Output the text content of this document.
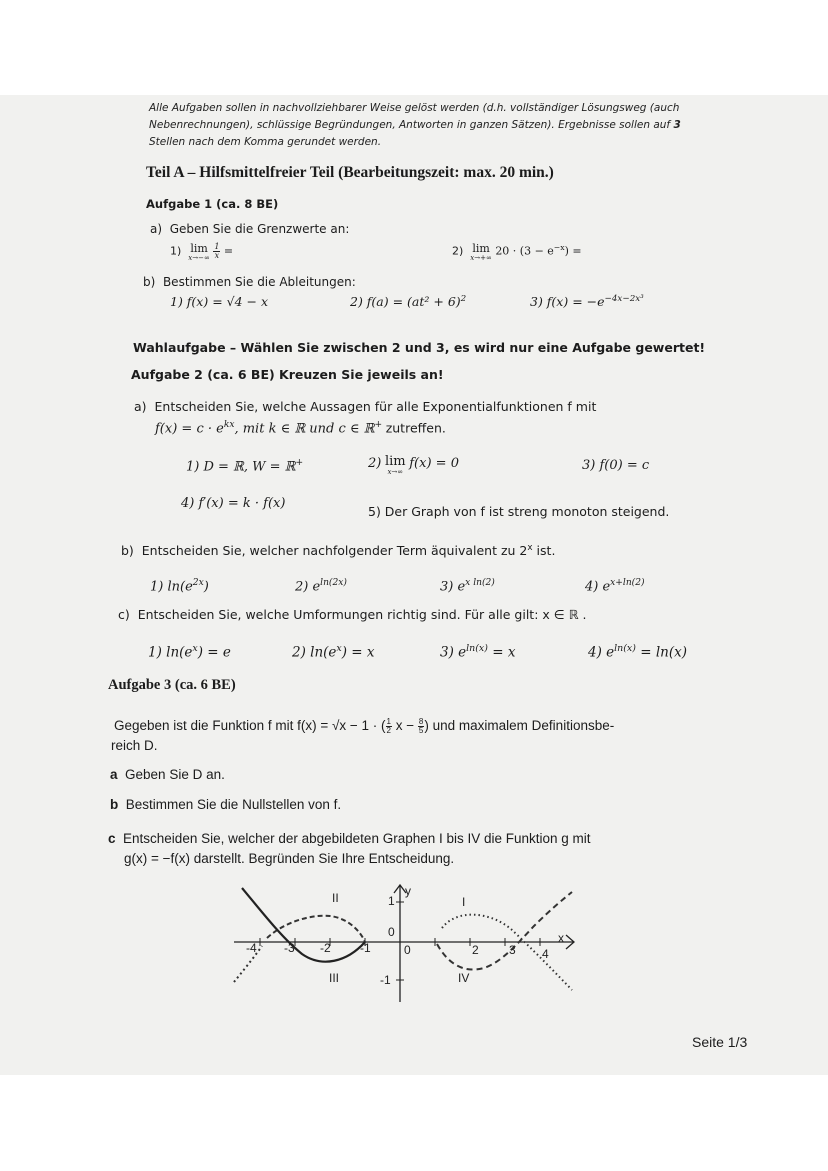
Alle Aufgaben sollen in nachvollziehbarer Weise gelöst werden (d.h. vollständiger Lösungsweg (auch
Nebenrechnungen), schlüssige Begründungen, Antworten in ganzen Sätzen). Ergebnisse sollen auf 3
Stellen nach dem Komma gerundet werden.
Teil A – Hilfsmittelfreier Teil (Bearbeitungszeit: max. 20 min.)
Aufgabe 1 (ca. 8 BE)
a) Geben Sie die Grenzwerte an:
1) lim
x→−∞
$\frac{1}{x}$ =	2) lim
x→+∞
$20 \cdot (3 - e^{-x})$ =
b) Bestimmen Sie die Ableitungen:
1) f(x) = √4 − x	2) $f(a) = (at^2 + 6)^2$	3) $f(x) = -e^{-4x-2x^3}$
Wahlaufgabe – Wählen Sie zwischen 2 und 3, es wird nur eine Aufgabe gewertet!
Aufgabe 2 (ca. 6 BE) Kreuzen Sie jeweils an!
a) Entscheiden Sie, welche Aussagen für alle Exponentialfunktionen f mit
$f(x) = c \cdot e^{kx}$, mit k ∈ ℝ und c ∈ ℝ+ zutreffen.
1) D = ℝ, W = ℝ+	2) lim
x→∞
f(x) = 0	3) f(0) = c
4) f′(x) = k · f(x)
5) Der Graph von f ist streng monoton steigend.
b) Entscheiden Sie, welcher nachfolgender Term äquivalent zu 2$^x$ ist.
1) $\ln(e^{2x})$	2) $e^{ln(2x)}$	3) $e^{x ln(2)}$	4) $e^{x+ln(2)}$
c) Entscheiden Sie, welche Umformungen richtig sind. Für alle gilt: x ∈ ℝ .
1) $\ln(e^x) = e$	2) $\ln(e^x) = x$	3) $e^{ln(x)} = x$	4) $e^{ln(x)} = \ln(x)$
Aufgabe 3 (ca. 6 BE)
Gegeben ist die Funktion f mit f(x) = √x − 1 · ( $\frac{1}{2}$ $x - \frac{8}{5}$ ) und maximalem Definitionsbe-
reich D.
a Geben Sie D an.
b Bestimmen Sie die Nullstellen von f.
c Entscheiden Sie, welcher der abgebildeten Graphen I bis IV die Funktion g mit
g(x) = −f(x) darstellt. Begründen Sie Ihre Entscheidung.
-4 -3 -2 -1	0	2	3 4
1
-1
0
y
x
I
II
III	IV
Seite 1/3
